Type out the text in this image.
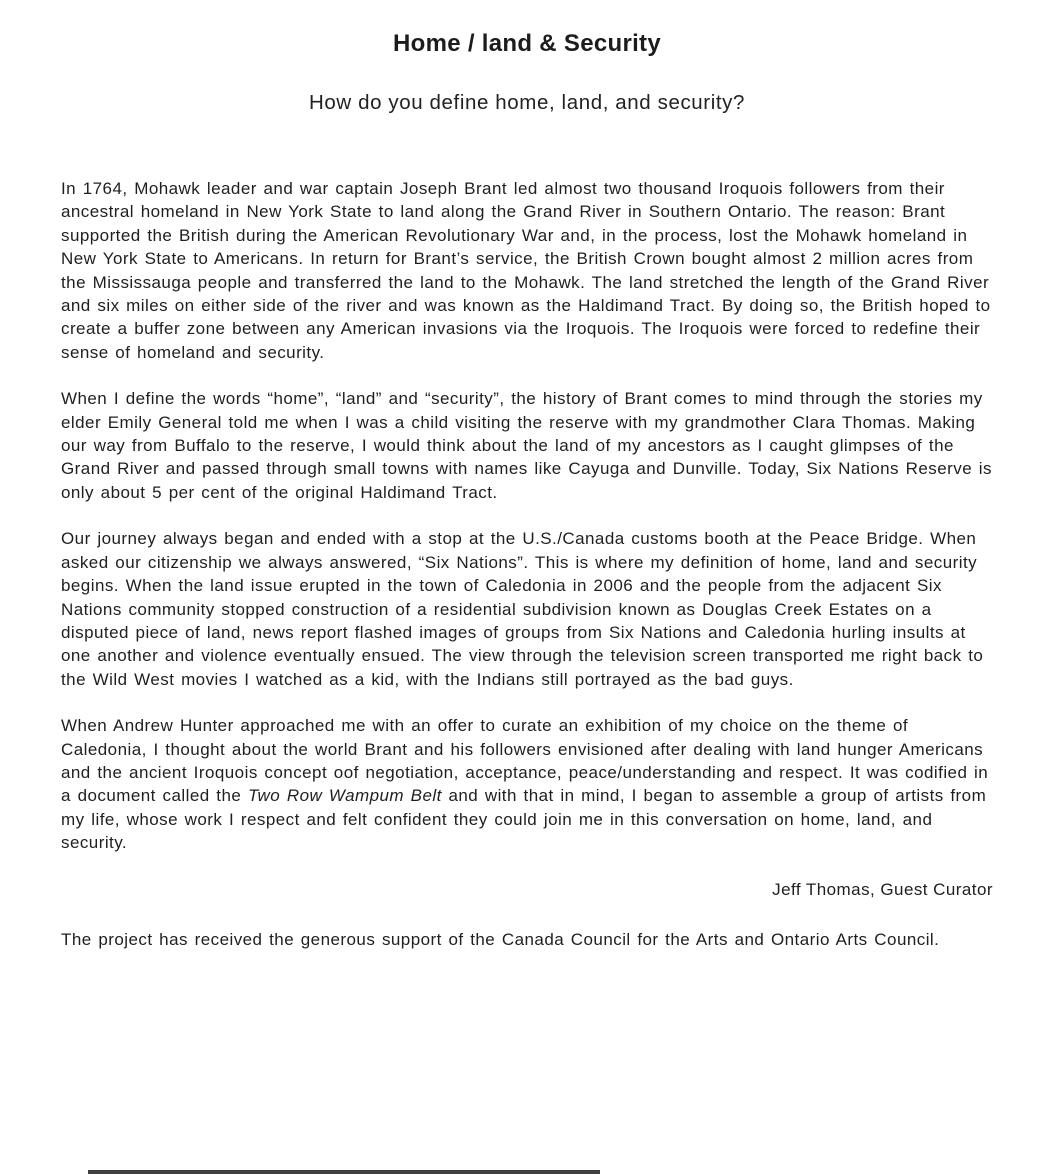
Home / land & Security
How do you define home, land, and security?

In 1764, Mohawk leader and war captain Joseph Brant led almost two thousand Iroquois followers from their ancestral homeland in New York State to land along the Grand River in Southern Ontario. The reason: Brant supported the British during the American Revolutionary War and, in the process, lost the Mohawk homeland in New York State to Americans. In return for Brant’s service, the British Crown bought almost 2 million acres from the Mississauga people and transferred the land to the Mohawk. The land stretched the length of the Grand River and six miles on either side of the river and was known as the Haldimand Tract. By doing so, the British hoped to create a buffer zone between any American invasions via the Iroquois. The Iroquois were forced to redefine their sense of homeland and security.

When I define the words “home”, “land” and “security”, the history of Brant comes to mind through the stories my elder Emily General told me when I was a child visiting the reserve with my grandmother Clara Thomas. Making our way from Buffalo to the reserve, I would think about the land of my ancestors as I caught glimpses of the Grand River and passed through small towns with names like Cayuga and Dunville. Today, Six Nations Reserve is only about 5 per cent of the original Haldimand Tract.

Our journey always began and ended with a stop at the U.S./Canada customs booth at the Peace Bridge. When asked our citizenship we always answered, “Six Nations”. This is where my definition of home, land and security begins. When the land issue erupted in the town of Caledonia in 2006 and the people from the adjacent Six Nations community stopped construction of a residential subdivision known as Douglas Creek Estates on a disputed piece of land, news report flashed images of groups from Six Nations and Caledonia hurling insults at one another and violence eventually ensued. The view through the television screen transported me right back to the Wild West movies I watched as a kid, with the Indians still portrayed as the bad guys.

When Andrew Hunter approached me with an offer to curate an exhibition of my choice on the theme of Caledonia, I thought about the world Brant and his followers envisioned after dealing with land hunger Americans and the ancient Iroquois concept oof negotiation, acceptance, peace/understanding and respect. It was codified in a document called the Two Row Wampum Belt and with that in mind, I began to assemble a group of artists from my life, whose work I respect and felt confident they could join me in this conversation on home, land, and security.

Jeff Thomas, Guest Curator

The project has received the generous support of the Canada Council for the Arts and Ontario Arts Council.
